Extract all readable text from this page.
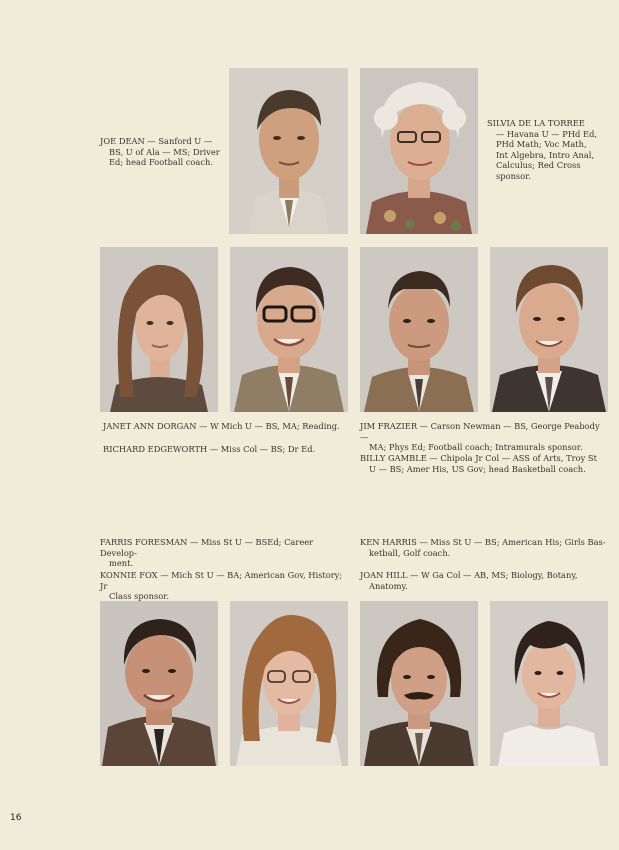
JOE DEAN — Sanford U —
BS, U of Ala — MS; Driver
Ed; head Football coach.

SILVIA DE LA TORREE
— Havana U — PHd Ed,
PHd Math; Voc Math,
Int Algebra, Intro Anal,
Calculus; Red Cross
sponsor.

JANET ANN DORGAN — W Mich U — BS, MA; Reading.

RICHARD EDGEWORTH — Miss Col — BS; Dr Ed.

JIM FRAZIER — Carson Newman — BS, George Peabody —
MA; Phys Ed; Football coach; Intramurals sponsor.

BILLY GAMBLE — Chipola Jr Col — ASS of Arts, Troy St
U — BS; Amer His, US Gov; head Basketball coach.

FARRIS FORESMAN — Miss St U — BSEd; Career Develop-
ment.

KONNIE FOX — Mich St U — BA; American Gov, History; Jr
Class sponsor.

KEN HARRIS — Miss St U — BS; American His; Girls Bas-
ketball, Golf coach.

JOAN HILL — W Ga Col — AB, MS; Biology, Botany,
Anatomy.

16
